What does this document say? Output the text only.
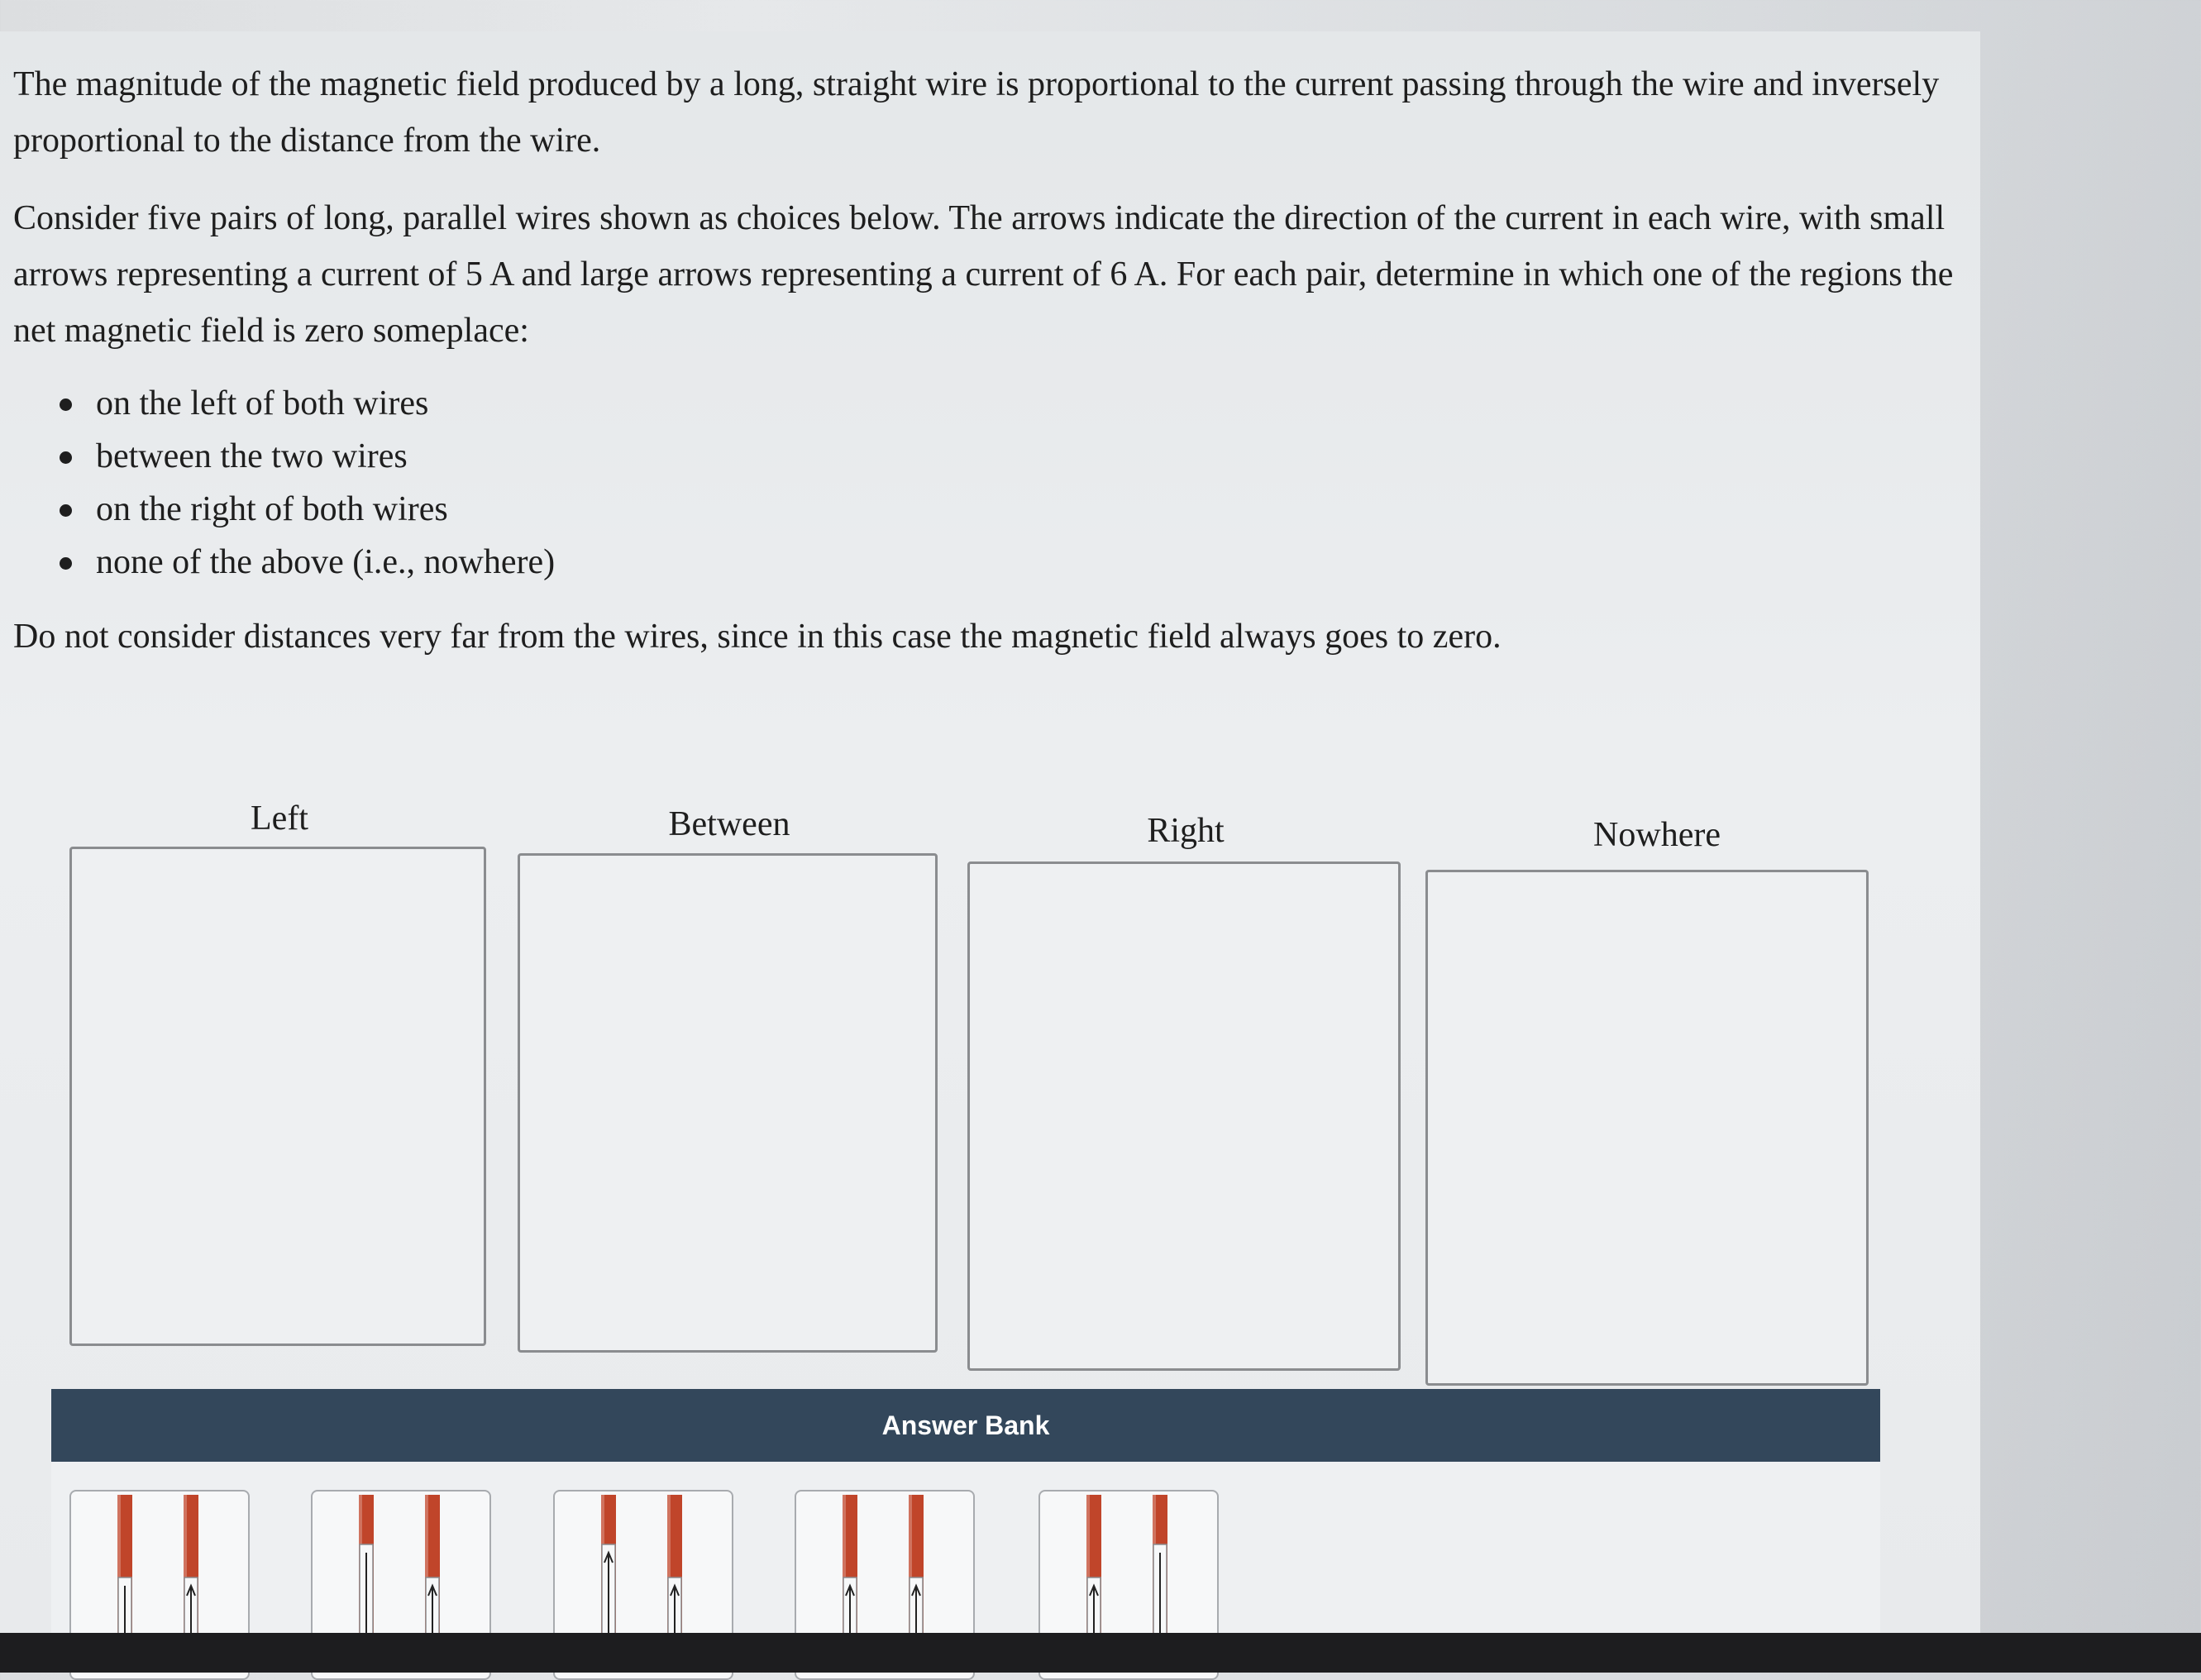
The magnitude of the magnetic field produced by a long, straight wire is proportional to the current passing through the wire and inversely proportional to the distance from the wire.

Consider five pairs of long, parallel wires shown as choices below. The arrows indicate the direction of the current in each wire, with small arrows representing a current of 5 A and large arrows representing a current of 6 A. For each pair, determine in which one of the regions the net magnetic field is zero someplace:

on the left of both wires
between the two wires
on the right of both wires
none of the above (i.e., nowhere)

Do not consider distances very far from the wires, since in this case the magnetic field always goes to zero.

Left	Between	Right	Nowhere
Answer Bank
